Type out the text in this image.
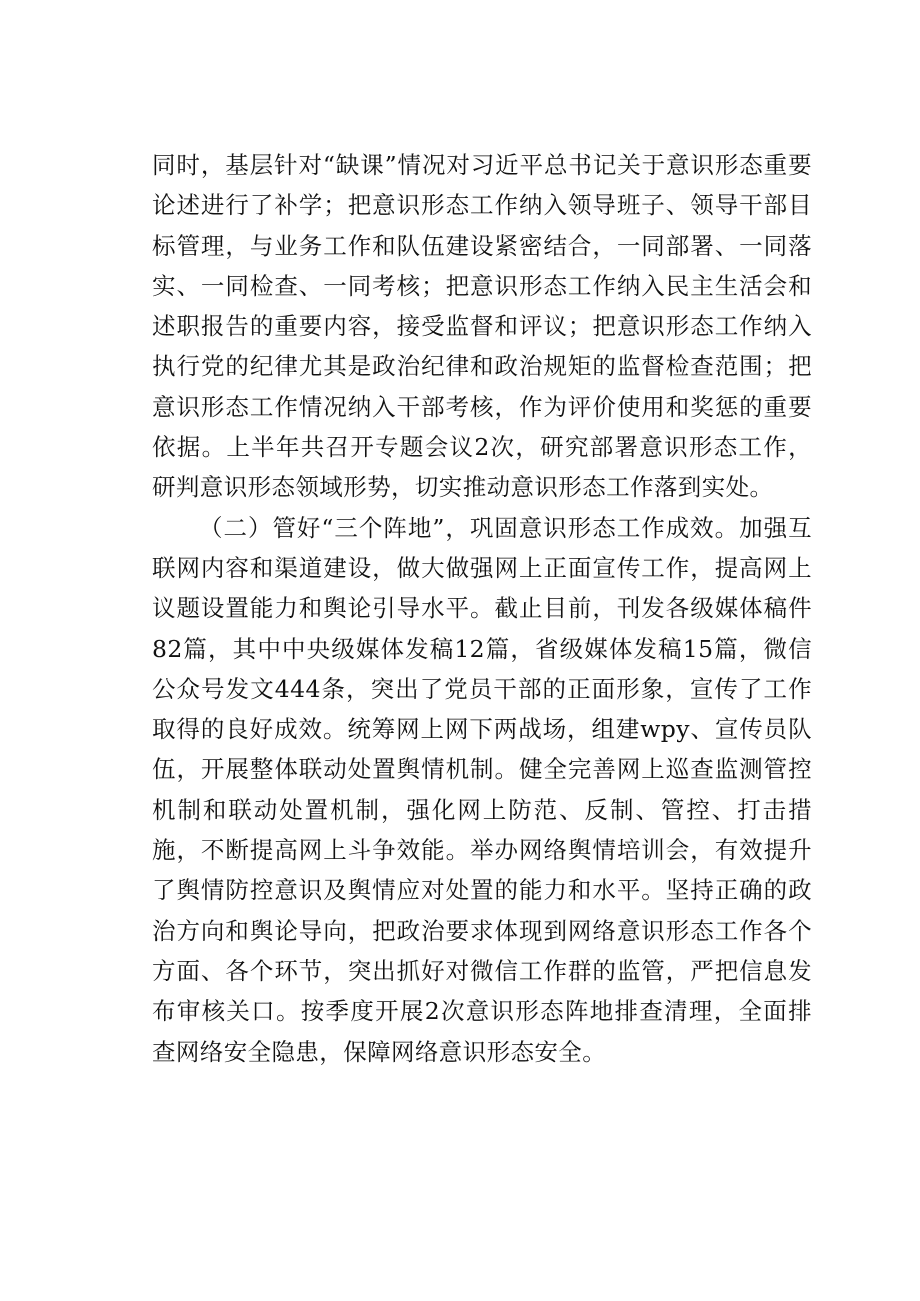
同时，基层针对“缺课”情况对习近平总书记关于意识形态重要论述进行了补学；把意识形态工作纳入领导班子、领导干部目标管理，与业务工作和队伍建设紧密结合，一同部署、一同落实、一同检查、一同考核；把意识形态工作纳入民主生活会和述职报告的重要内容，接受监督和评议；把意识形态工作纳入执行党的纪律尤其是政治纪律和政治规矩的监督检查范围；把意识形态工作情况纳入干部考核，作为评价使用和奖惩的重要依据。上半年共召开专题会议2次，研究部署意识形态工作，研判意识形态领域形势，切实推动意识形态工作落到实处。

（二）管好“三个阵地”，巩固意识形态工作成效。加强互联网内容和渠道建设，做大做强网上正面宣传工作，提高网上议题设置能力和舆论引导水平。截止目前，刊发各级媒体稿件82篇，其中中央级媒体发稿12篇，省级媒体发稿15篇，微信公众号发文444条，突出了党员干部的正面形象，宣传了工作取得的良好成效。统筹网上网下两战场，组建wpy、宣传员队伍，开展整体联动处置舆情机制。健全完善网上巡查监测管控机制和联动处置机制，强化网上防范、反制、管控、打击措施，不断提高网上斗争效能。举办网络舆情培训会，有效提升了舆情防控意识及舆情应对处置的能力和水平。坚持正确的政治方向和舆论导向，把政治要求体现到网络意识形态工作各个方面、各个环节，突出抓好对微信工作群的监管，严把信息发布审核关口。按季度开展2次意识形态阵地排查清理，全面排查网络安全隐患，保障网络意识形态安全。
